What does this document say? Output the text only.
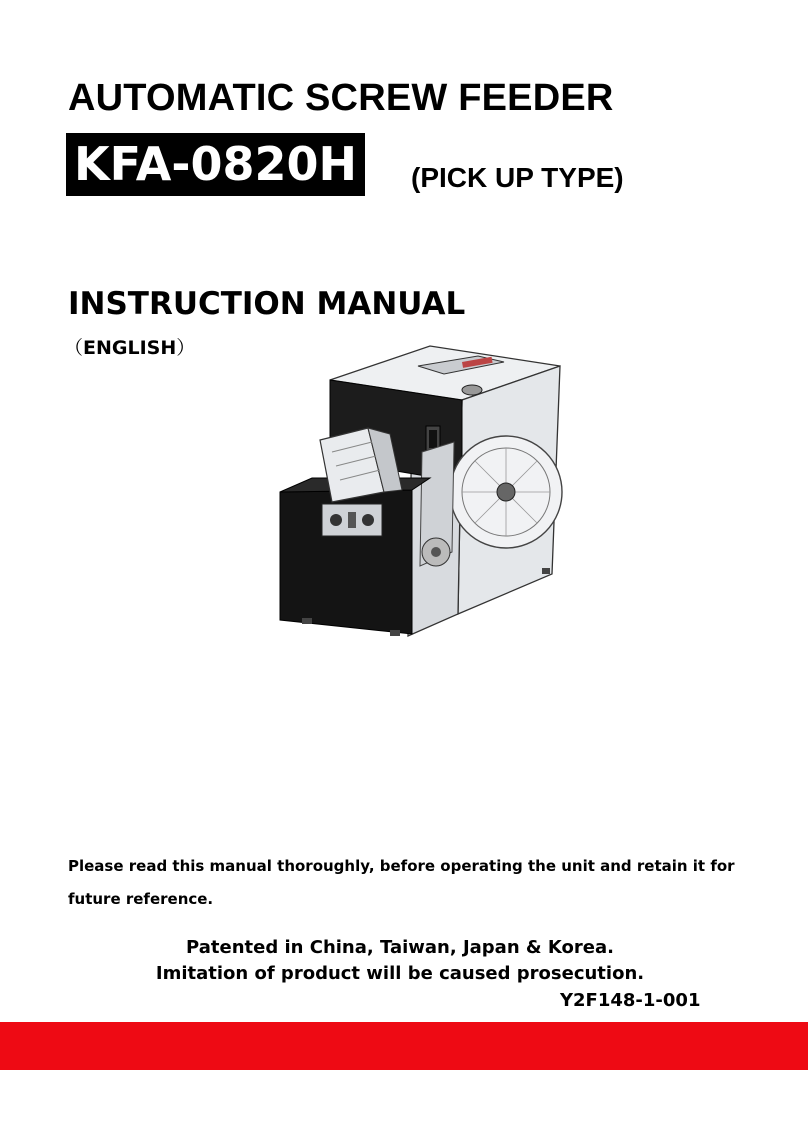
AUTOMATIC SCREW FEEDER
KFA-0820H (PICK UP TYPE)
INSTRUCTION MANUAL
（ENGLISH）

Please read this manual thoroughly, before operating the unit and retain it for future reference.

Patented in China, Taiwan, Japan & Korea.
Imitation of product will be caused prosecution.
Y2F148-1-001
